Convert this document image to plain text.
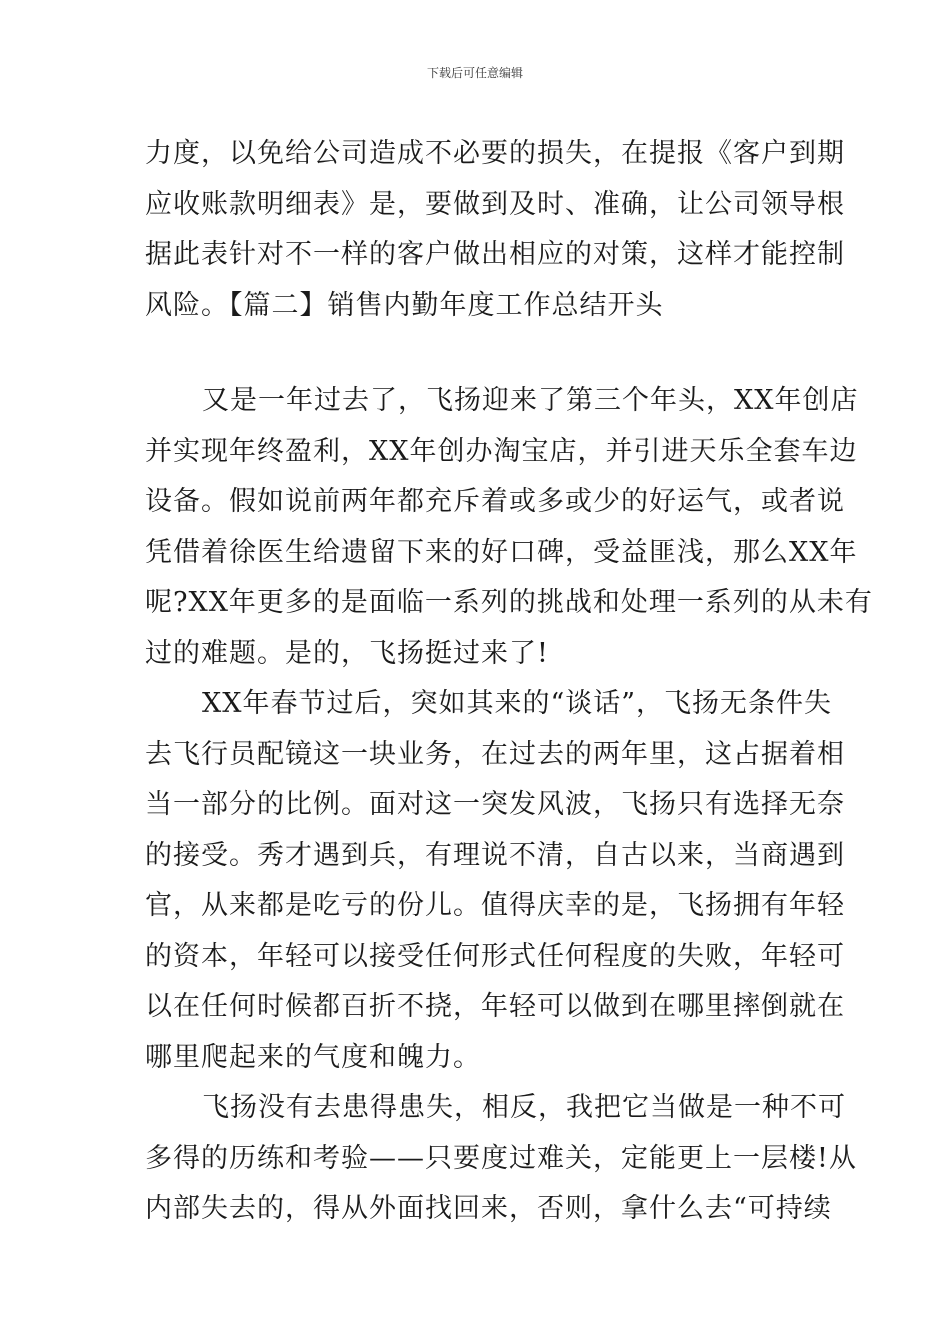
下载后可任意编辑
力度，以免给公司造成不必要的损失，在提报《客户到期
应收账款明细表》是，要做到及时、准确，让公司领导根
据此表针对不一样的客户做出相应的对策，这样才能控制
风险。【篇二】销售内勤年度工作总结开头
又是一年过去了，飞扬迎来了第三个年头，XX年创店
并实现年终盈利，XX年创办淘宝店，并引进天乐全套车边
设备。假如说前两年都充斥着或多或少的好运气，或者说
凭借着徐医生给遗留下来的好口碑，受益匪浅，那么XX年
呢?XX年更多的是面临一系列的挑战和处理一系列的从未有
过的难题。是的，飞扬挺过来了!
XX年春节过后，突如其来的“谈话”，飞扬无条件失
去飞行员配镜这一块业务，在过去的两年里，这占据着相
当一部分的比例。面对这一突发风波，飞扬只有选择无奈
的接受。秀才遇到兵，有理说不清，自古以来，当商遇到
官，从来都是吃亏的份儿。值得庆幸的是，飞扬拥有年轻
的资本，年轻可以接受任何形式任何程度的失败，年轻可
以在任何时候都百折不挠，年轻可以做到在哪里摔倒就在
哪里爬起来的气度和魄力。
飞扬没有去患得患失，相反，我把它当做是一种不可
多得的历练和考验——只要度过难关，定能更上一层楼!从
内部失去的，得从外面找回来，否则，拿什么去“可持续
